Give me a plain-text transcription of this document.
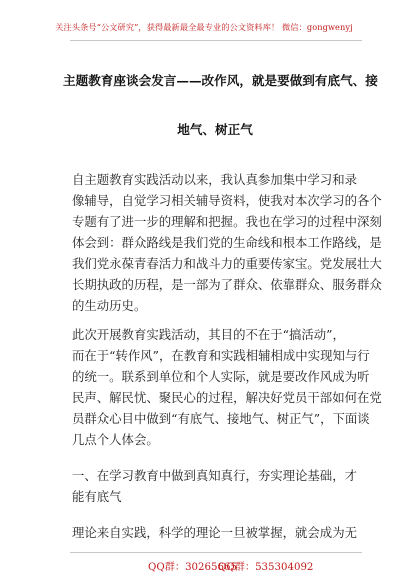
关注头条号“公文研究”，获得最新最全最专业的公文资料库！ 微信：gongwenyj
主题教育座谈会发言——改作风，就是要做到有底气、接
地气、树正气
自主题教育实践活动以来，我认真参加集中学习和录
像辅导，自觉学习相关辅导资料，使我对本次学习的各个
专题有了进一步的理解和把握。我也在学习的过程中深刻
体会到：群众路线是我们党的生命线和根本工作路线，是
我们党永葆青春活力和战斗力的重要传家宝。党发展壮大
长期执政的历程，是一部为了群众、依靠群众、服务群众
的生动历史。
此次开展教育实践活动，其目的不在于“搞活动”，
而在于“转作风”，在教育和实践相辅相成中实现知与行
的统一。联系到单位和个人实际，就是要改作风成为听
民声、解民忧、聚民心的过程，解决好党员干部如何在党
员群众心目中做到“有底气、接地气、树正气”，下面谈
几点个人体会。
一、在学习教育中做到真知真行，夯实理论基础，才
能有底气
理论来自实践，科学的理论一旦被掌握，就会成为无
QQ群：30265665
QQ群：535304092
